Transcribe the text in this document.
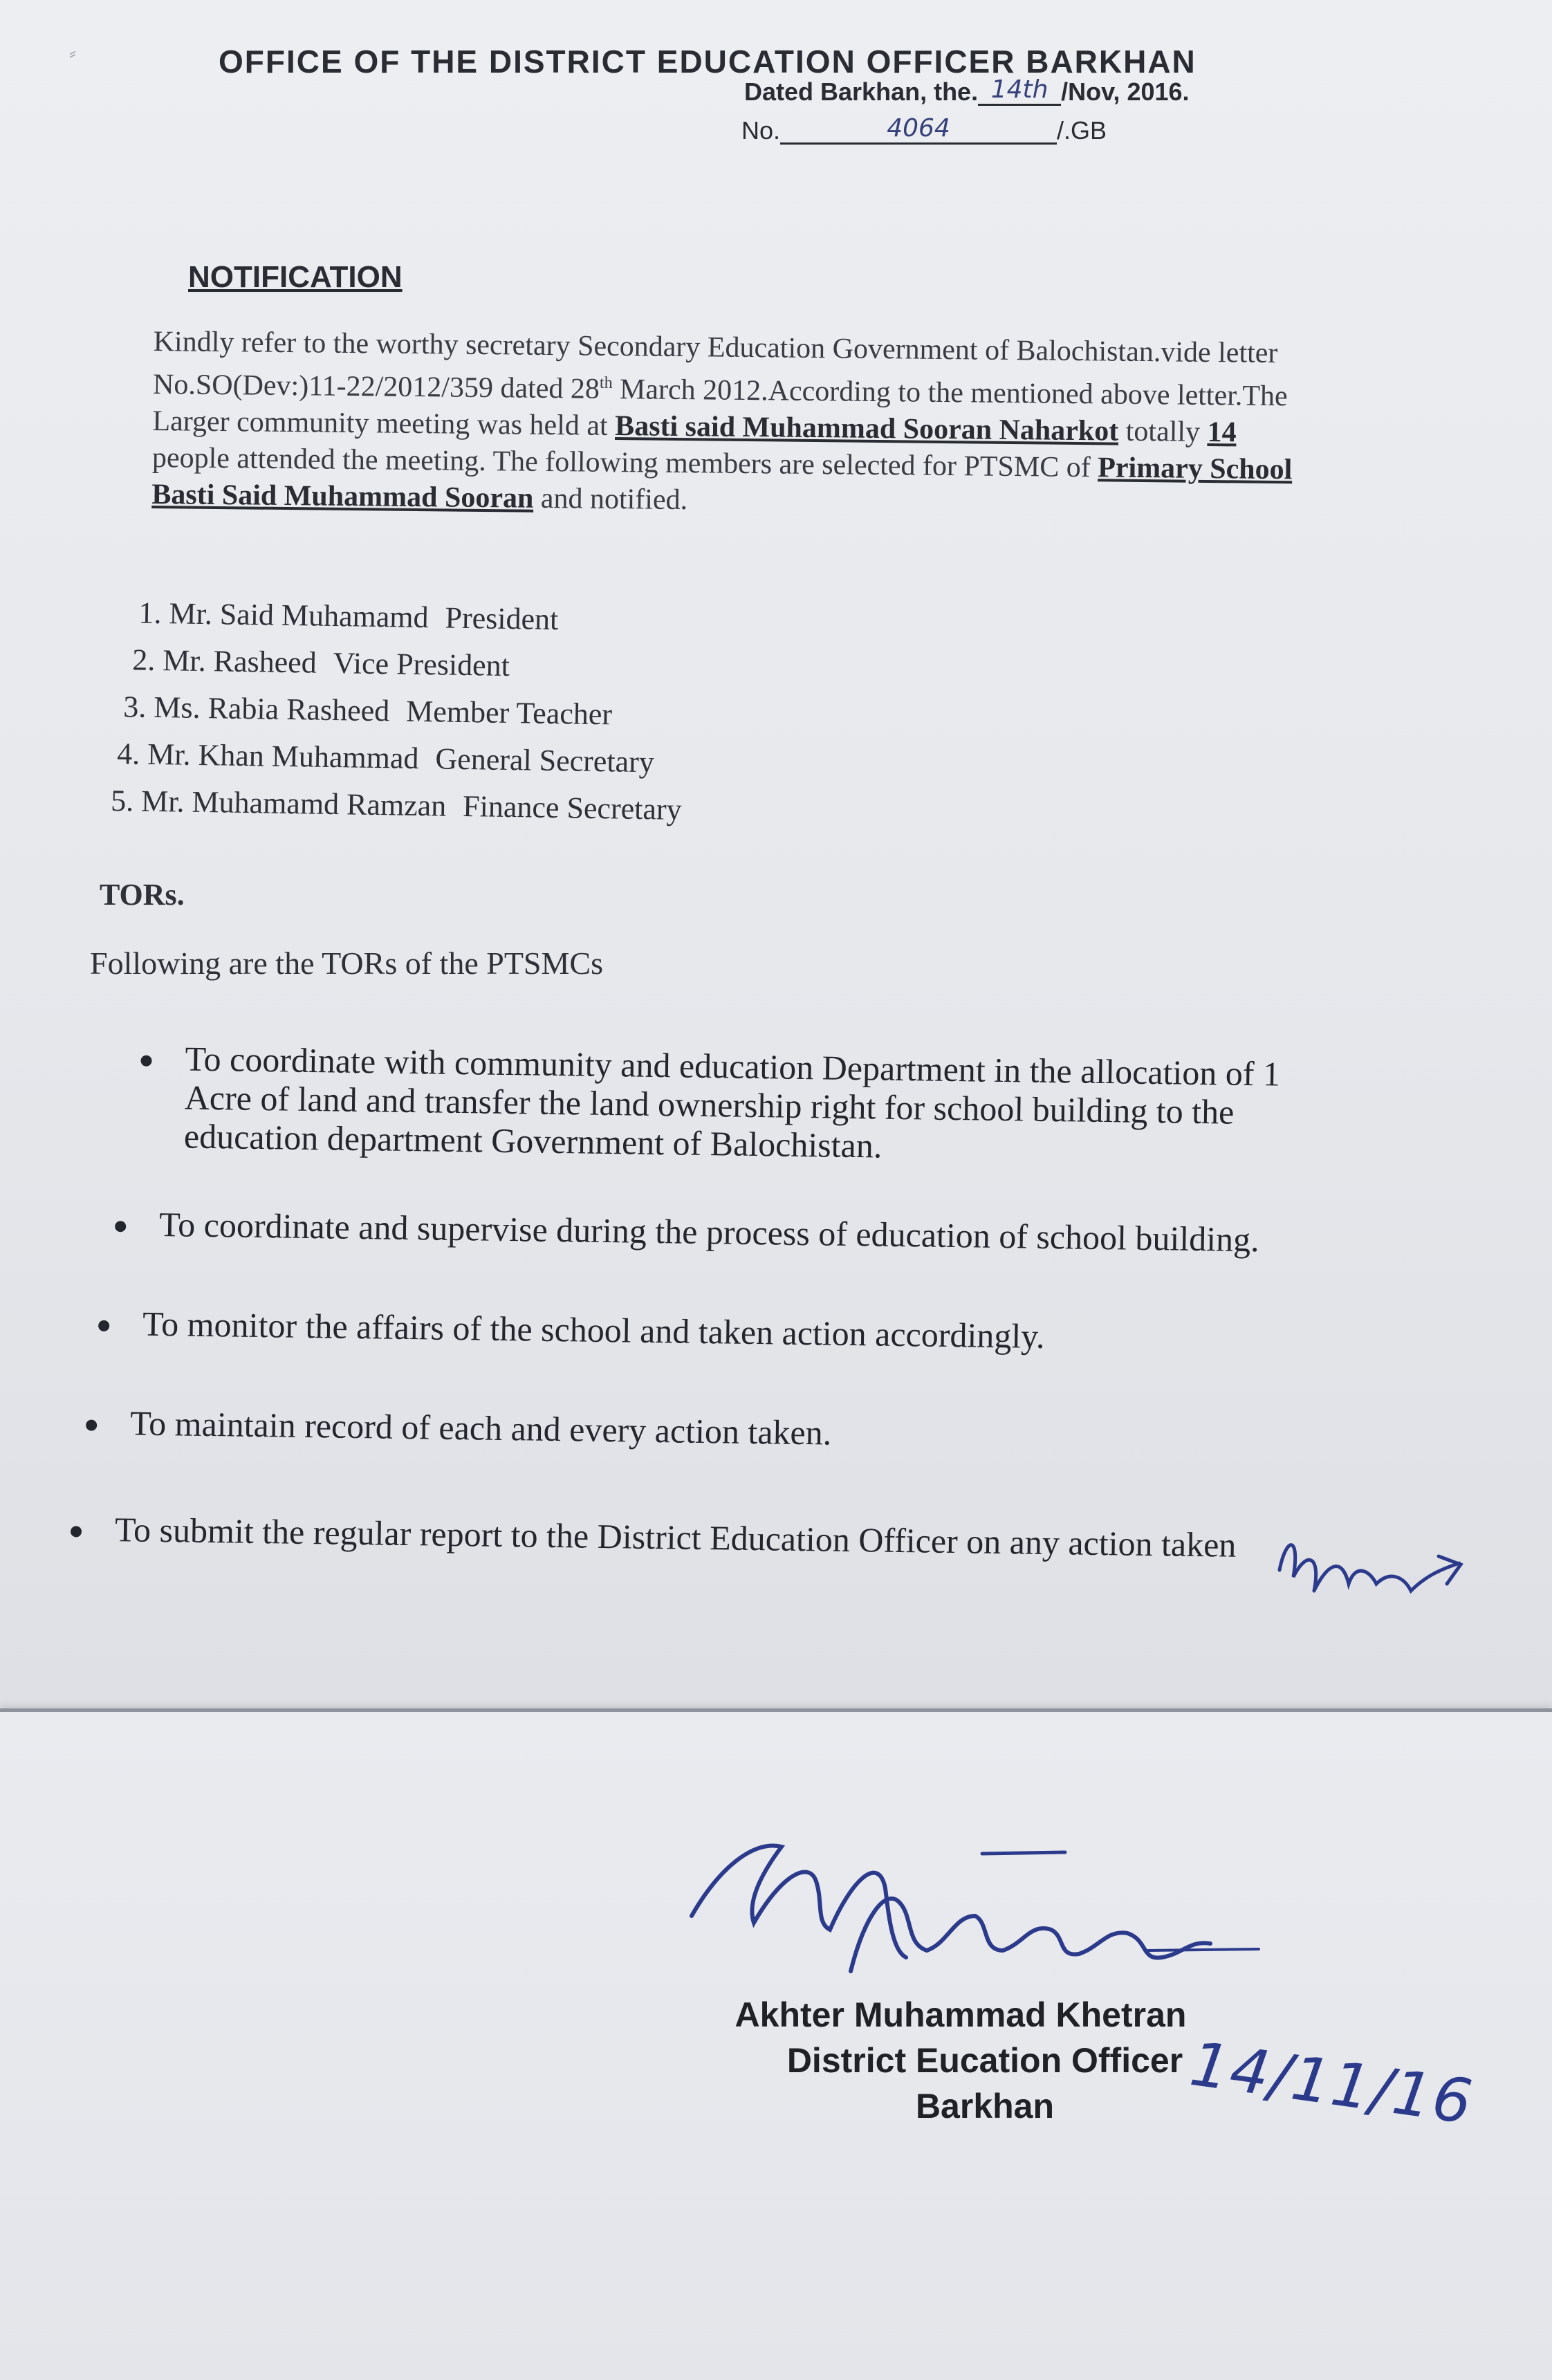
⸗	OFFICE OF THE DISTRICT EDUCATION OFFICER BARKHAN
Dated Barkhan, the. 14th /Nov, 2016.
No.	4064	/.GB
NOTIFICATION
Kindly refer to the worthy secretary Secondary Education Government of Balochistan.vide letter No.SO(Dev:)11-22/2012/359 dated 28th March 2012.According to the mentioned above letter.The Larger community meeting was held at Basti said Muhammad Sooran Naharkot totally 14 people attended the meeting. The following members are selected for PTSMC of Primary School Basti Said Muhammad Sooran and notified.
1. Mr. Said Muhamamd President
2. Mr. Rasheed Vice President
3. Ms. Rabia Rasheed Member Teacher
4. Mr. Khan Muhammad General Secretary
5. Mr. Muhamamd Ramzan Finance Secretary
TORs.
Following are the TORs of the PTSMCs
To coordinate with community and education Department in the allocation of 1 Acre of land and transfer the land ownership right for school building to the education department Government of Balochistan.
To coordinate and supervise during the process of education of school building.
To monitor the affairs of the school and taken action accordingly.
To maintain record of each and every action taken.
To submit the regular report to the District Education Officer on any action taken
Akhter Muhammad Khetran
District Eucation Officer
Barkhan	14/11/16
